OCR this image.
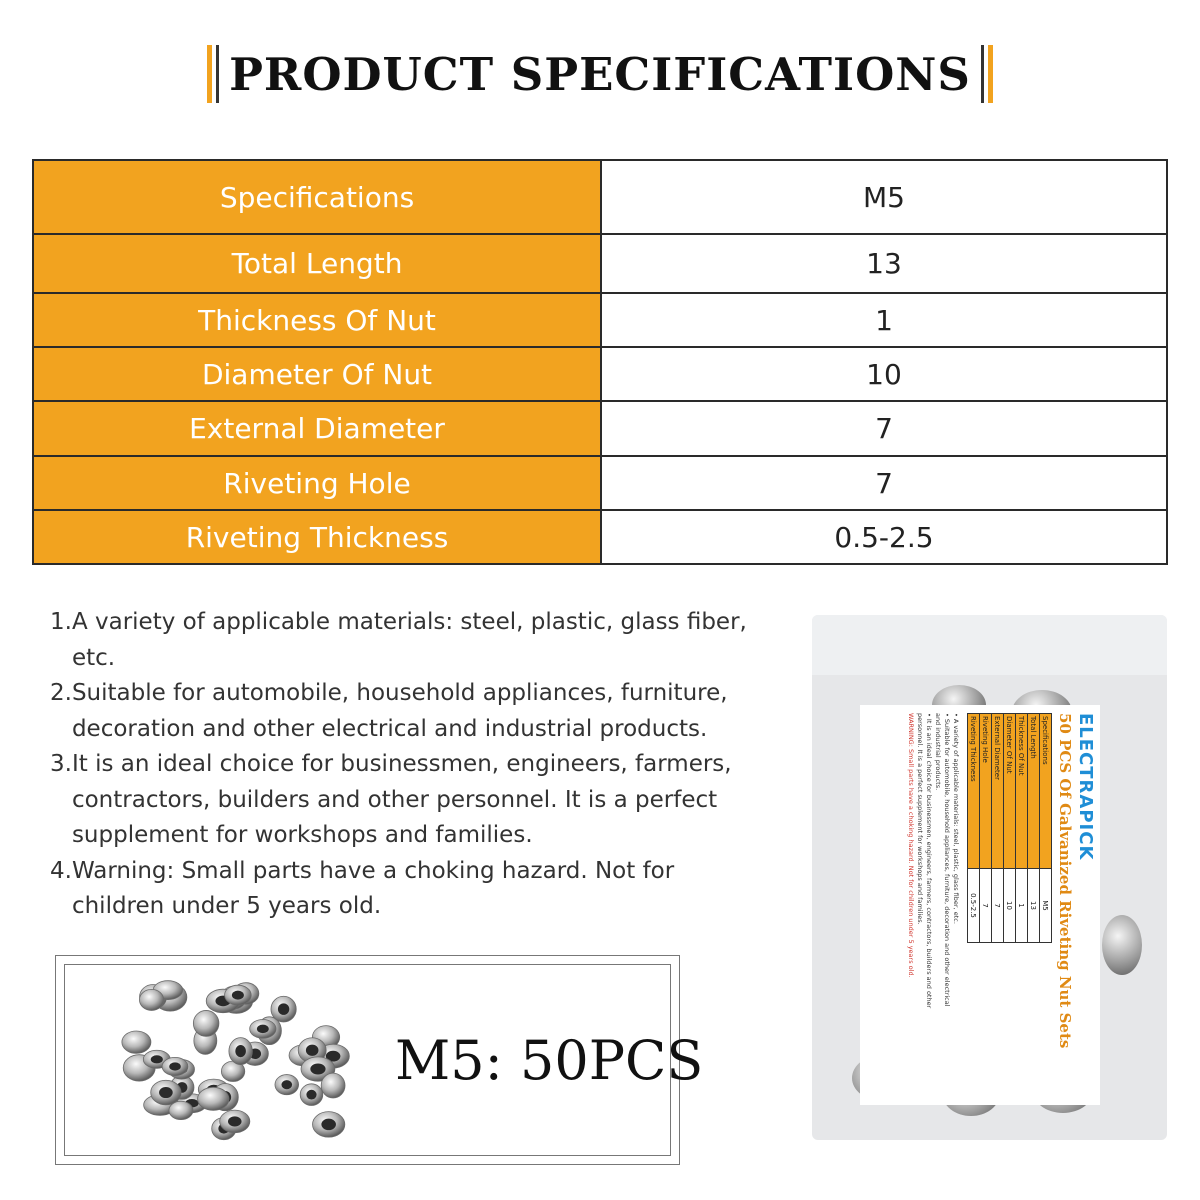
PRODUCT SPECIFICATIONS
Specifications	M5
Total Length	13
Thickness Of Nut	1
Diameter Of Nut	10
External Diameter	7
Riveting Hole	7
Riveting Thickness	0.5-2.5
1. A variety of applicable materials: steel, plastic, glass fiber, etc.
2. Suitable for automobile, household appliances, furniture, decoration and other electrical and industrial products.
3. It is an ideal choice for businessmen, engineers, farmers, contractors, builders and other personnel. It is a perfect supplement for workshops and families.
4. Warning: Small parts have a choking hazard. Not for children under 5 years old.
M5: 50PCS
ELECTRAPICK
50 PCS Of Galvanized Riveting Nut Sets
Specifications	M5
Total Length	13
Thickness Of Nut	1
Diameter Of Nut	10
External Diameter	7
Riveting Hole	7
Riveting Thickness	0.5-2.5
• A variety of applicable materials: steel, plastic, glass fiber, etc.
• Suitable for automobile, household appliances, furniture, decoration and other electrical and industrial products.
• It is an ideal choice for businessmen, engineers, farmers, contractors, builders and other personnel. It is a perfect supplement for workshops and families.
WARNING: Small parts have a choking hazard. Not for children under 5 years old.
